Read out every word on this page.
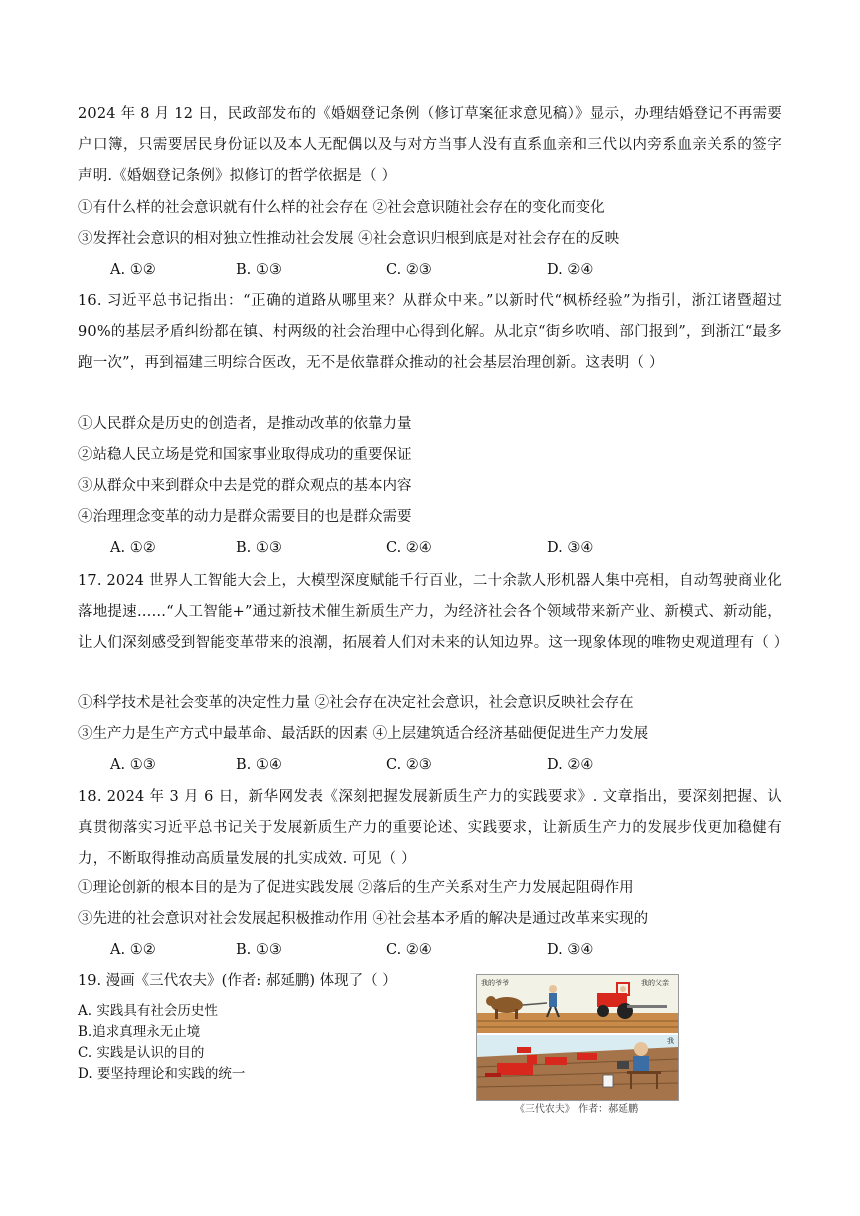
2024 年 8 月 12 日，民政部发布的《婚姻登记条例（修订草案征求意见稿）》显示，办理结婚登记不再需要户口簿，只需要居民身份证以及本人无配偶以及与对方当事人没有直系血亲和三代以内旁系血亲关系的签字声明.《婚姻登记条例》拟修订的哲学依据是（ ）
①有什么样的社会意识就有什么样的社会存在 ②社会意识随社会存在的变化而变化
③发挥社会意识的相对独立性推动社会发展 ④社会意识归根到底是对社会存在的反映
A. ①②	B. ①③	C. ②③	D. ②④
16. 习近平总书记指出：“正确的道路从哪里来？从群众中来。”以新时代“枫桥经验”为指引，浙江诸暨超过 90%的基层矛盾纠纷都在镇、村两级的社会治理中心得到化解。从北京“街乡吹哨、部门报到”，到浙江“最多跑一次”，再到福建三明综合医改，无不是依靠群众推动的社会基层治理创新。这表明（ ）
①人民群众是历史的创造者，是推动改革的依靠力量
②站稳人民立场是党和国家事业取得成功的重要保证
③从群众中来到群众中去是党的群众观点的基本内容
④治理理念变革的动力是群众需要目的也是群众需要
A. ①②	B. ①③	C. ②④	D. ③④
17. 2024 世界人工智能大会上，大模型深度赋能千行百业，二十余款人形机器人集中亮相，自动驾驶商业化落地提速……“人工智能+”通过新技术催生新质生产力，为经济社会各个领域带来新产业、新模式、新动能，让人们深刻感受到智能变革带来的浪潮，拓展着人们对未来的认知边界。这一现象体现的唯物史观道理有（ ）
①科学技术是社会变革的决定性力量 ②社会存在决定社会意识，社会意识反映社会存在
③生产力是生产方式中最革命、最活跃的因素 ④上层建筑适合经济基础便促进生产力发展
A. ①③	B. ①④	C. ②③	D. ②④
18. 2024 年 3 月 6 日，新华网发表《深刻把握发展新质生产力的实践要求》. 文章指出，要深刻把握、认真贯彻落实习近平总书记关于发展新质生产力的重要论述、实践要求，让新质生产力的发展步伐更加稳健有力，不断取得推动高质量发展的扎实成效. 可见（ ）
①理论创新的根本目的是为了促进实践发展 ②落后的生产关系对生产力发展起阻碍作用
③先进的社会意识对社会发展起积极推动作用 ④社会基本矛盾的解决是通过改革来实现的
A. ①②	B. ①③	C. ②④	D. ③④
19. 漫画《三代农夫》(作者: 郝延鹏) 体现了（ ）
A. 实践具有社会历史性
B.追求真理永无止境
C. 实践是认识的目的
D. 要坚持理论和实践的统一
我的爷爷	我的父亲
我
《三代农夫》 作者：郝延鹏
